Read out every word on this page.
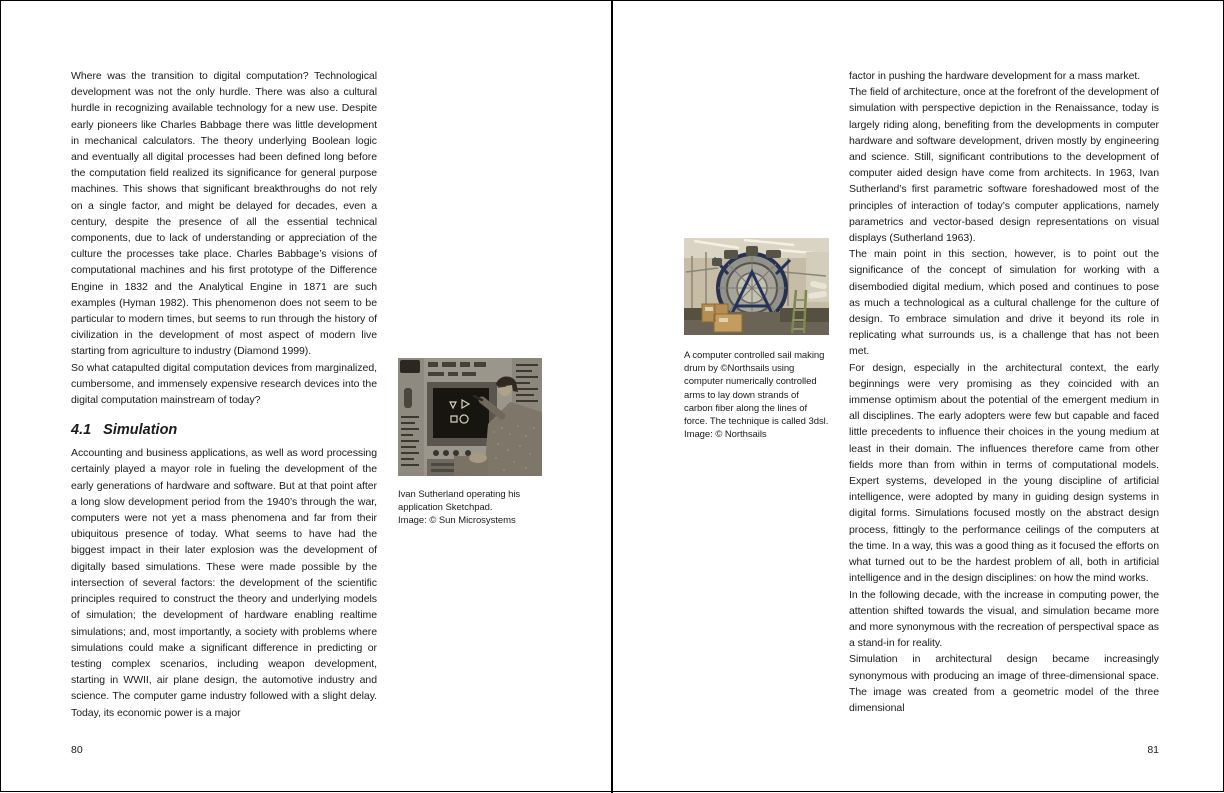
Where was the transition to digital computation? Technological development was not the only hurdle. There was also a cultural hurdle in recognizing available technology for a new use. Despite early pioneers like Charles Babbage there was little development in mechanical calculators. The theory underlying Boolean logic and eventually all digital processes had been defined long before the computation field realized its significance for general purpose machines. This shows that significant breakthroughs do not rely on a single factor, and might be delayed for decades, even a century, despite the presence of all the essential technical components, due to lack of understanding or appreciation of the culture the processes take place. Charles Babbage’s visions of computational machines and his first prototype of the Difference Engine in 1832 and the Analytical Engine in 1871 are such examples (Hyman 1982). This phenomenon does not seem to be particular to modern times, but seems to run through the history of civilization in the development of most aspect of modern live starting from agriculture to industry (Diamond 1999).

So what catapulted digital computation devices from marginalized, cumbersome, and immensely expensive research devices into the digital computation mainstream of today?

4.1 Simulation

Accounting and business applications, as well as word processing certainly played a mayor role in fueling the development of the early generations of hardware and software. But at that point after a long slow development period from the 1940’s through the war, computers were not yet a mass phenomena and far from their ubiquitous presence of today. What seems to have had the biggest impact in their later explosion was the development of digitally based simulations. These were made possible by the intersection of several factors: the development of the scientific principles required to construct the theory and underlying models of simulation; the development of hardware enabling realtime simulations; and, most importantly, a society with problems where simulations could make a significant difference in predicting or testing complex scenarios, including weapon development, starting in WWII, air plane design, the automotive industry and science. The computer game industry followed with a slight delay. Today, its economic power is a major

Ivan Sutherland operating his application Sketchpad.
Image: © Sun Microsystems
80
A computer controlled sail making drum by ©Northsails using computer numerically controlled arms to lay down strands of carbon fiber along the lines of force. The technique is called 3dsl.
Image: © Northsails

factor in pushing the hardware development for a mass market.

The field of architecture, once at the forefront of the development of simulation with perspective depiction in the Renaissance, today is largely riding along, benefiting from the developments in computer hardware and software development, driven mostly by engineering and science. Still, significant contributions to the development of computer aided design have come from architects. In 1963, Ivan Sutherland’s first parametric software foreshadowed most of the principles of interaction of today’s computer applications, namely parametrics and vector-based design representations on visual displays (Sutherland 1963).

The main point in this section, however, is to point out the significance of the concept of simulation for working with a disembodied digital medium, which posed and continues to pose as much a technological as a cultural challenge for the culture of design. To embrace simulation and drive it beyond its role in replicating what surrounds us, is a challenge that has not been met.

For design, especially in the architectural context, the early beginnings were very promising as they coincided with an immense optimism about the potential of the emergent medium in all disciplines. The early adopters were few but capable and faced little precedents to influence their choices in the young medium at least in their domain. The influences therefore came from other fields more than from within in terms of computational models. Expert systems, developed in the young discipline of artificial intelligence, were adopted by many in guiding design systems in digital forms. Simulations focused mostly on the abstract design process, fittingly to the performance ceilings of the computers at the time. In a way, this was a good thing as it focused the efforts on what turned out to be the hardest problem of all, both in artificial intelligence and in the design disciplines: on how the mind works.

In the following decade, with the increase in computing power, the attention shifted towards the visual, and simulation became more and more synonymous with the recreation of perspectival space as a stand-in for reality.

Simulation in architectural design became increasingly synonymous with producing an image of three-dimensional space. The image was created from a geometric model of the three dimensional

81
